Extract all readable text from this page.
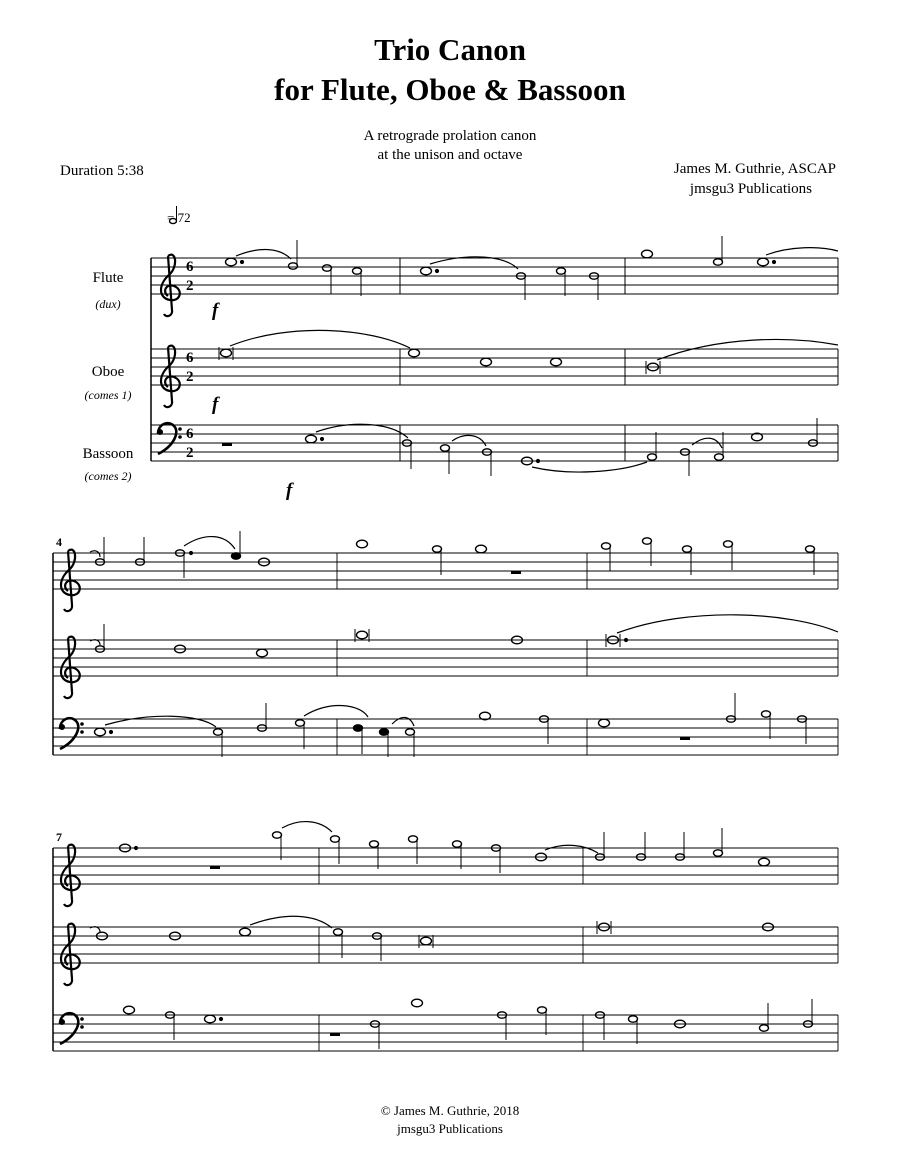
Trio Canon
for Flute, Oboe & Bassoon
A retrograde prolation canon
at the unison and octave
Duration 5:38	James M. Guthrie, ASCAP
jmsgu3 Publications
6
2
6
2
6
2
f
f
f
4
7
= 72
Flute
(dux)
Oboe
(comes 1)
Bassoon
(comes 2)
© James M. Guthrie, 2018
jmsgu3 Publications
